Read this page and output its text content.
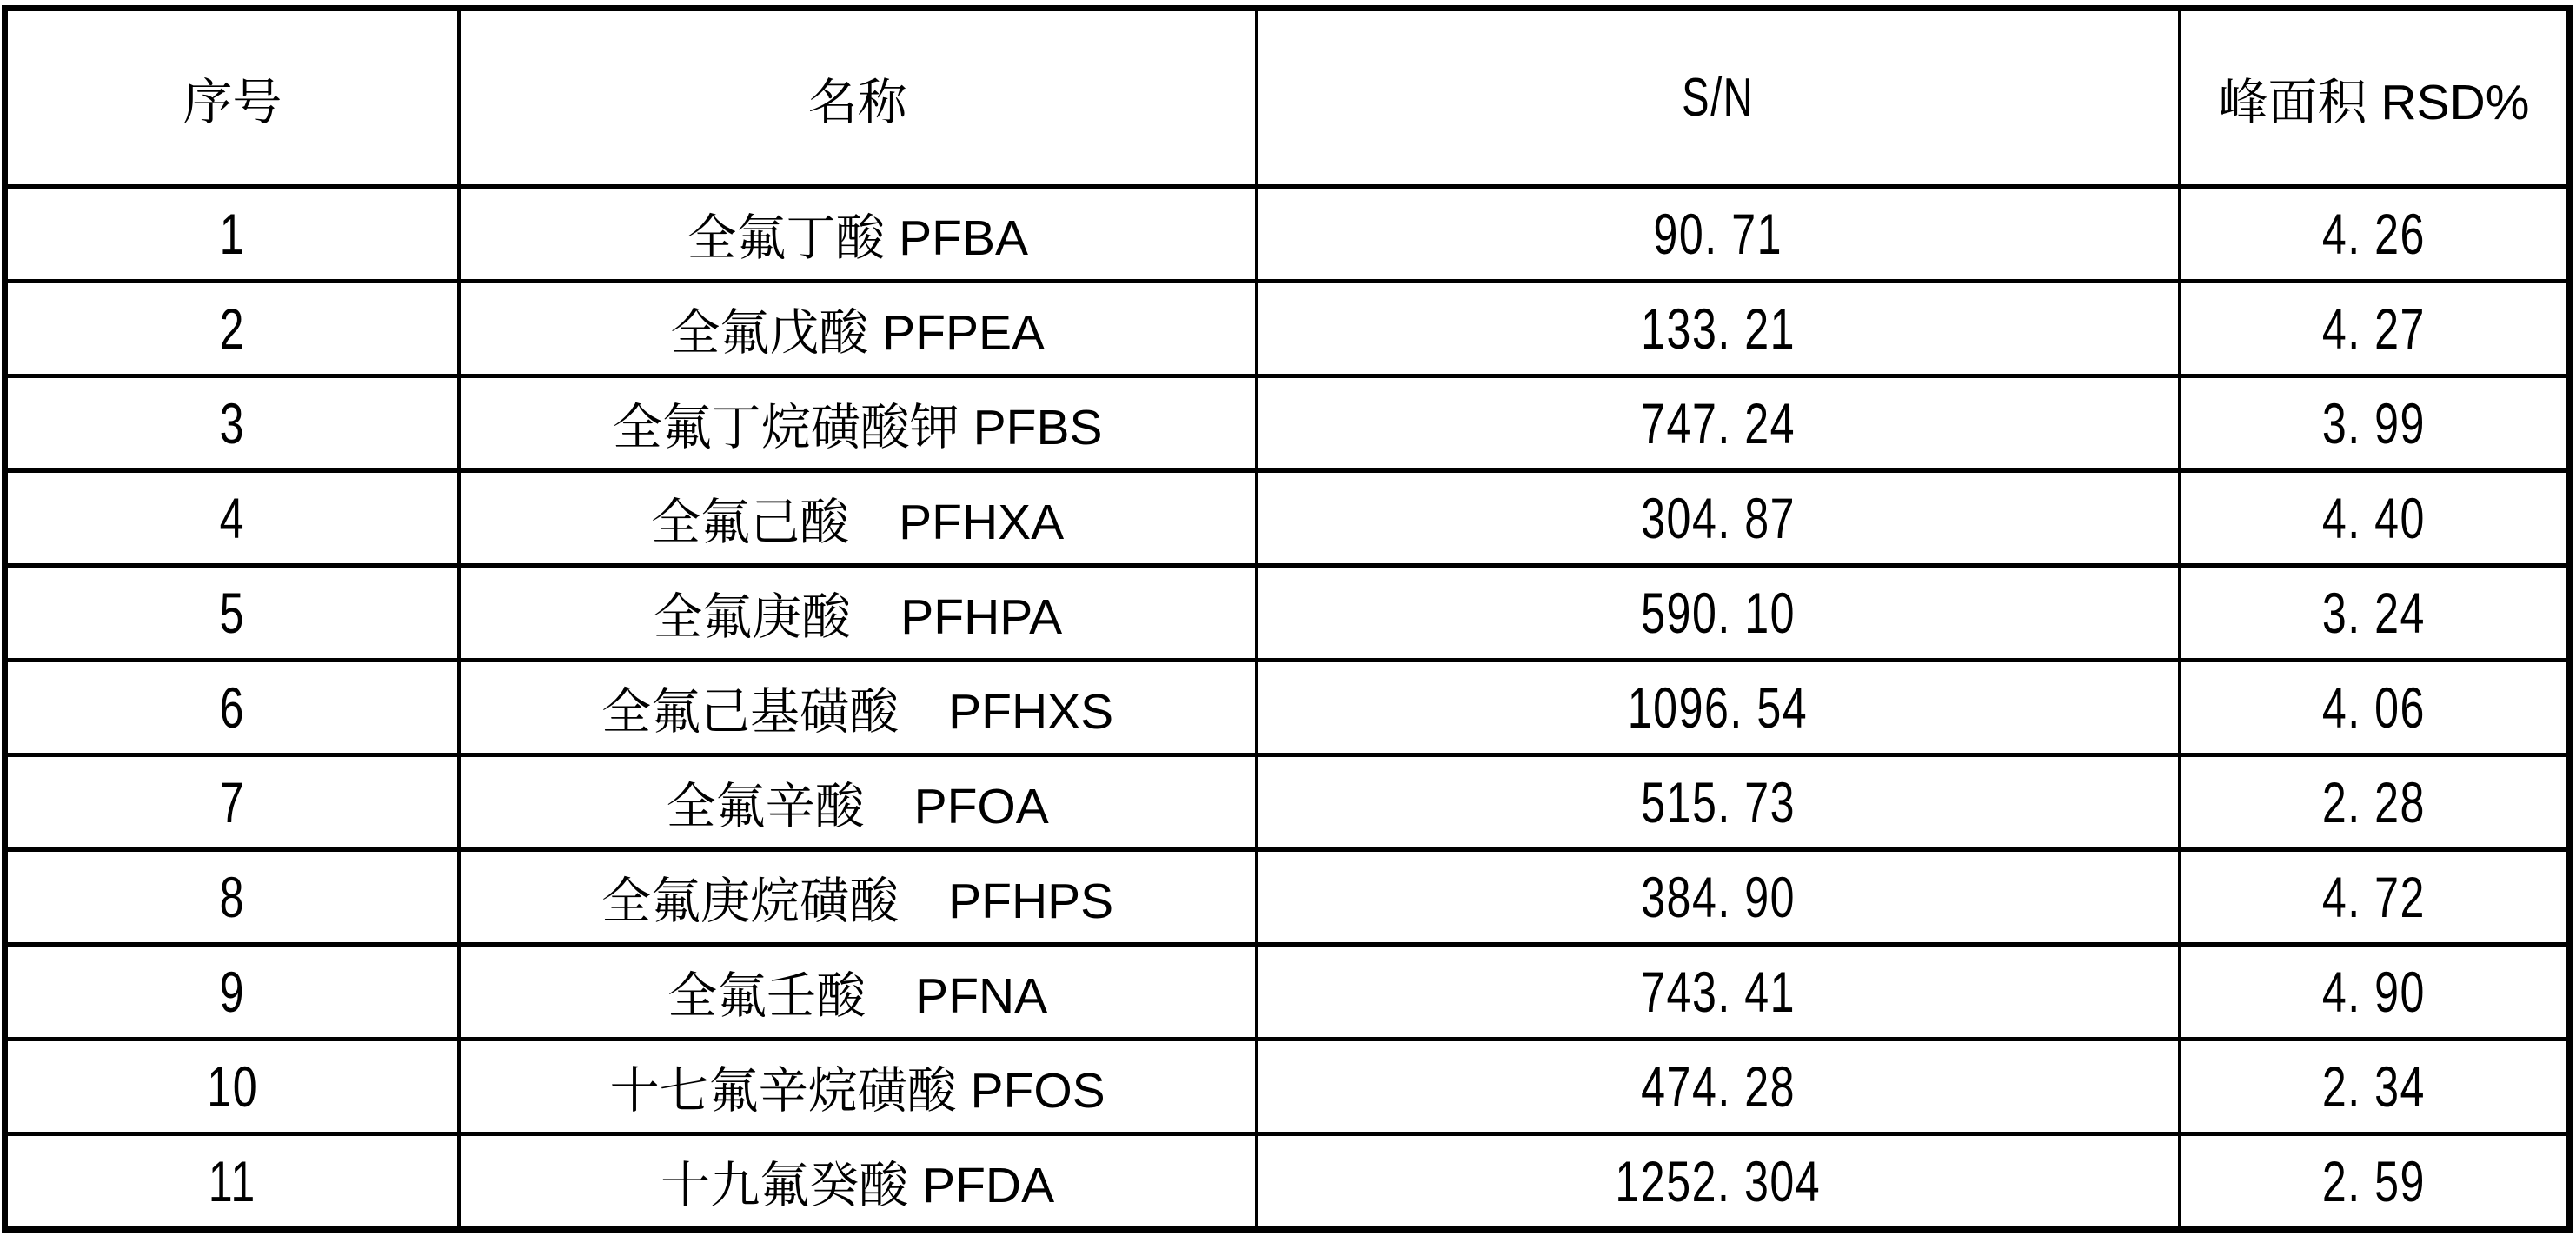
序号	名称	S/N	峰面积 RSD%
1	全氟丁酸 PFBA	90. 71	4. 26
2	全氟戊酸 PFPEA	133. 21	4. 27
3	全氟丁烷磺酸钾 PFBS	747. 24	3. 99
4	全氟己酸　PFHXA	304. 87	4. 40
5	全氟庚酸　PFHPA	590. 10	3. 24
6	全氟己基磺酸　PFHXS	1096. 54	4. 06
7	全氟辛酸　PFOA	515. 73	2. 28
8	全氟庚烷磺酸　PFHPS	384. 90	4. 72
9	全氟壬酸　PFNA	743. 41	4. 90
10	十七氟辛烷磺酸 PFOS	474. 28	2. 34
11	十九氟癸酸 PFDA	1252. 304	2. 59
